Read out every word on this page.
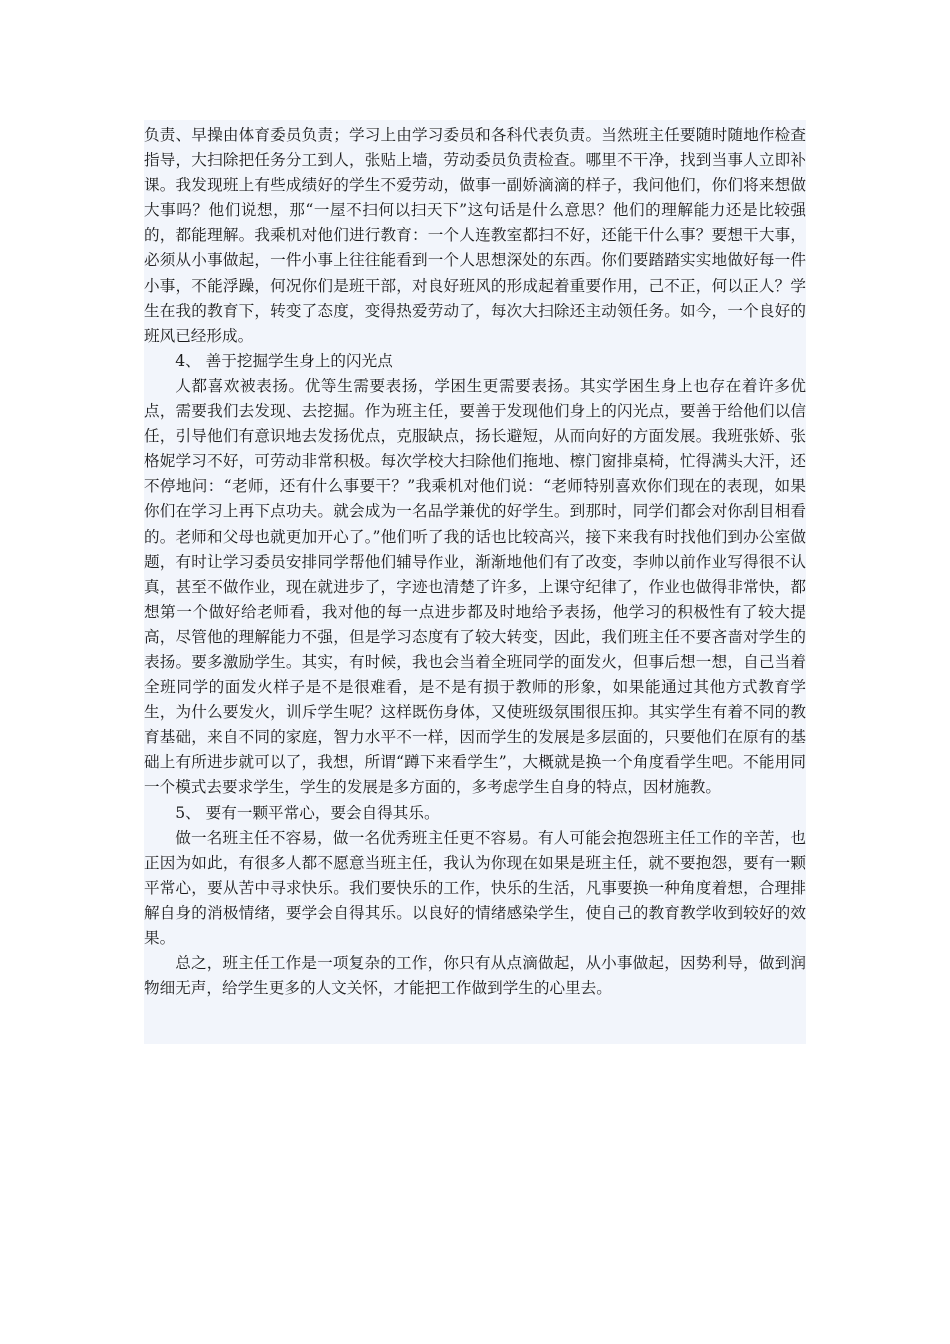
负责、早操由体育委员负责；学习上由学习委员和各科代表负责。当然班主任要随时随地作检查指导，大扫除把任务分工到人，张贴上墙，劳动委员负责检查。哪里不干净，找到当事人立即补课。我发现班上有些成绩好的学生不爱劳动，做事一副娇滴滴的样子，我问他们，你们将来想做大事吗？他们说想，那“一屋不扫何以扫天下”这句话是什么意思？他们的理解能力还是比较强的，都能理解。我乘机对他们进行教育：一个人连教室都扫不好，还能干什么事？要想干大事，必须从小事做起，一件小事上往往能看到一个人思想深处的东西。你们要踏踏实实地做好每一件小事，不能浮躁，何况你们是班干部，对良好班风的形成起着重要作用，己不正，何以正人？学生在我的教育下，转变了态度，变得热爱劳动了，每次大扫除还主动领任务。如今，一个良好的班风已经形成。

4、 善于挖掘学生身上的闪光点

人都喜欢被表扬。优等生需要表扬，学困生更需要表扬。其实学困生身上也存在着许多优点，需要我们去发现、去挖掘。作为班主任，要善于发现他们身上的闪光点，要善于给他们以信任，引导他们有意识地去发扬优点，克服缺点，扬长避短，从而向好的方面发展。我班张娇、张格妮学习不好，可劳动非常积极。每次学校大扫除他们拖地、檫门窗排桌椅，忙得满头大汗，还不停地问：“老师，还有什么事要干？”我乘机对他们说：“老师特别喜欢你们现在的表现，如果你们在学习上再下点功夫。就会成为一名品学兼优的好学生。到那时，同学们都会对你刮目相看的。老师和父母也就更加开心了。”他们听了我的话也比较高兴，接下来我有时找他们到办公室做题，有时让学习委员安排同学帮他们辅导作业，渐渐地他们有了改变，李帅以前作业写得很不认真，甚至不做作业，现在就进步了，字迹也清楚了许多，上课守纪律了，作业也做得非常快，都想第一个做好给老师看，我对他的每一点进步都及时地给予表扬，他学习的积极性有了较大提高，尽管他的理解能力不强，但是学习态度有了较大转变，因此，我们班主任不要吝啬对学生的表扬。要多激励学生。其实，有时候，我也会当着全班同学的面发火，但事后想一想，自己当着全班同学的面发火样子是不是很难看，是不是有损于教师的形象，如果能通过其他方式教育学生，为什么要发火，训斥学生呢？这样既伤身体，又使班级氛围很压抑。其实学生有着不同的教育基础，来自不同的家庭，智力水平不一样，因而学生的发展是多层面的，只要他们在原有的基础上有所进步就可以了，我想，所谓“蹲下来看学生”，大概就是换一个角度看学生吧。不能用同一个模式去要求学生，学生的发展是多方面的，多考虑学生自身的特点，因材施教。

5、 要有一颗平常心，要会自得其乐。

做一名班主任不容易，做一名优秀班主任更不容易。有人可能会抱怨班主任工作的辛苦，也正因为如此，有很多人都不愿意当班主任，我认为你现在如果是班主任，就不要抱怨，要有一颗平常心，要从苦中寻求快乐。我们要快乐的工作，快乐的生活，凡事要换一种角度着想，合理排解自身的消极情绪，要学会自得其乐。以良好的情绪感染学生，使自己的教育教学收到较好的效果。

总之，班主任工作是一项复杂的工作，你只有从点滴做起，从小事做起，因势利导，做到润物细无声，给学生更多的人文关怀，才能把工作做到学生的心里去。
